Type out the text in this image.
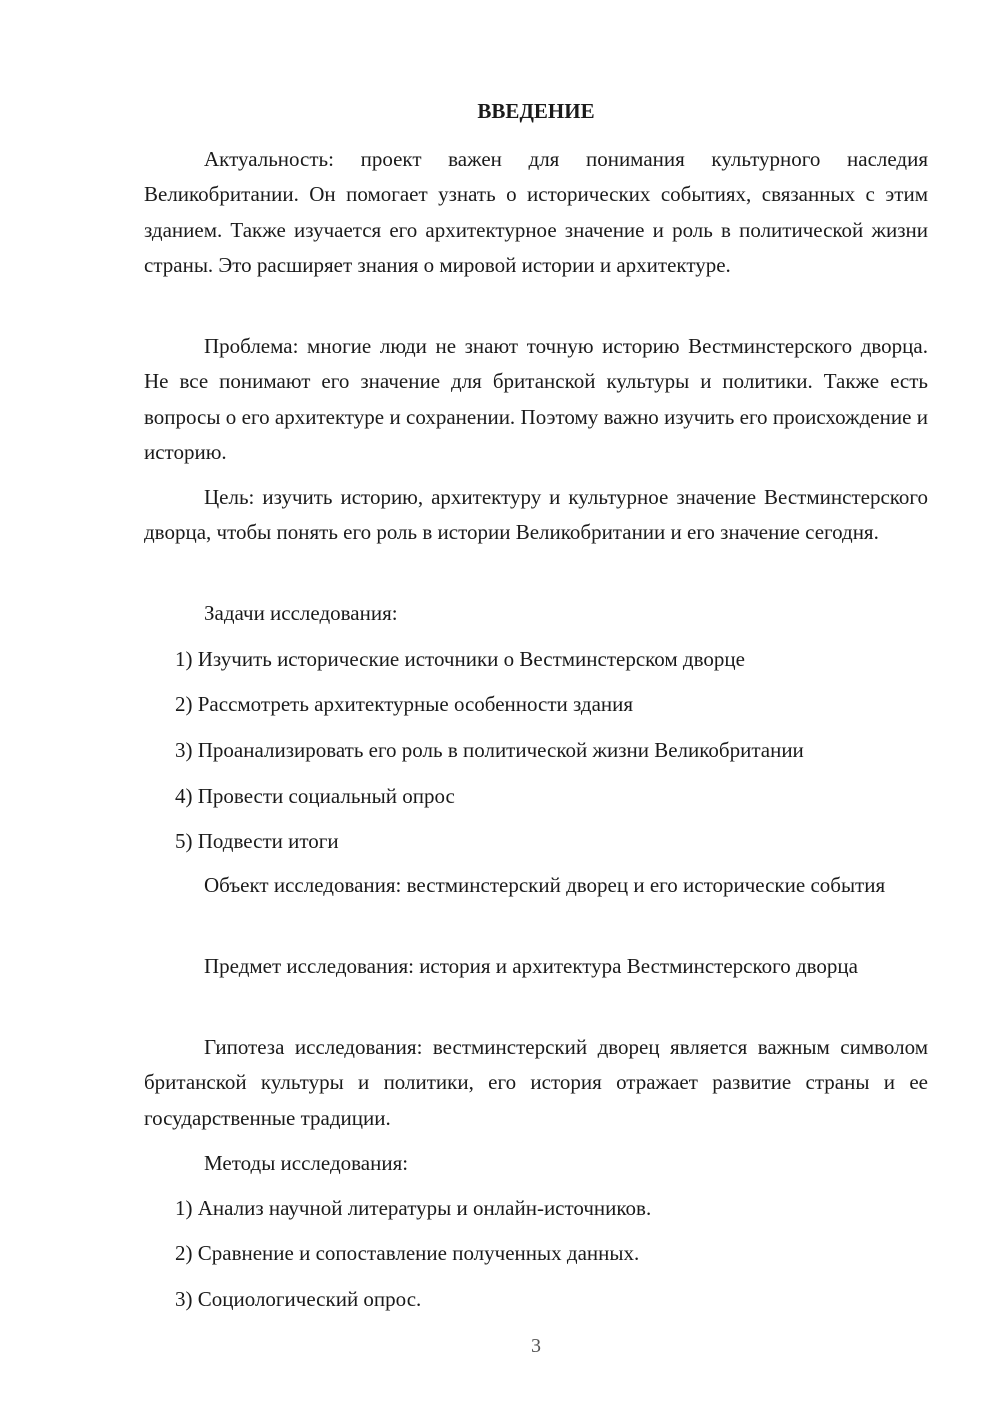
ВВЕДЕНИЕ

Актуальность: проект важен для понимания культурного наследия Великобритании. Он помогает узнать о исторических событиях, связанных с этим зданием. Также изучается его архитектурное значение и роль в политической жизни страны. Это расширяет знания о мировой истории и архитектуре.

Проблема: многие люди не знают точную историю Вестминстерского дворца. Не все понимают его значение для британской культуры и политики. Также есть вопросы о его архитектуре и сохранении. Поэтому важно изучить его происхождение и историю.

Цель: изучить историю, архитектуру и культурное значение Вестминстерского дворца, чтобы понять его роль в истории Великобритании и его значение сегодня.

Задачи исследования:

1) Изучить исторические источники о Вестминстерском дворце

2) Рассмотреть архитектурные особенности здания

3) Проанализировать его роль в политической жизни Великобритании

4) Провести социальный опрос

5) Подвести итоги

Объект исследования: вестминстерский дворец и его исторические события

Предмет исследования: история и архитектура Вестминстерского дворца

Гипотеза исследования: вестминстерский дворец является важным символом британской культуры и политики, его история отражает развитие страны и ее государственные традиции.

Методы исследования:

1) Анализ научной литературы и онлайн-источников.

2) Сравнение и сопоставление полученных данных.

3) Социологический опрос.

3
